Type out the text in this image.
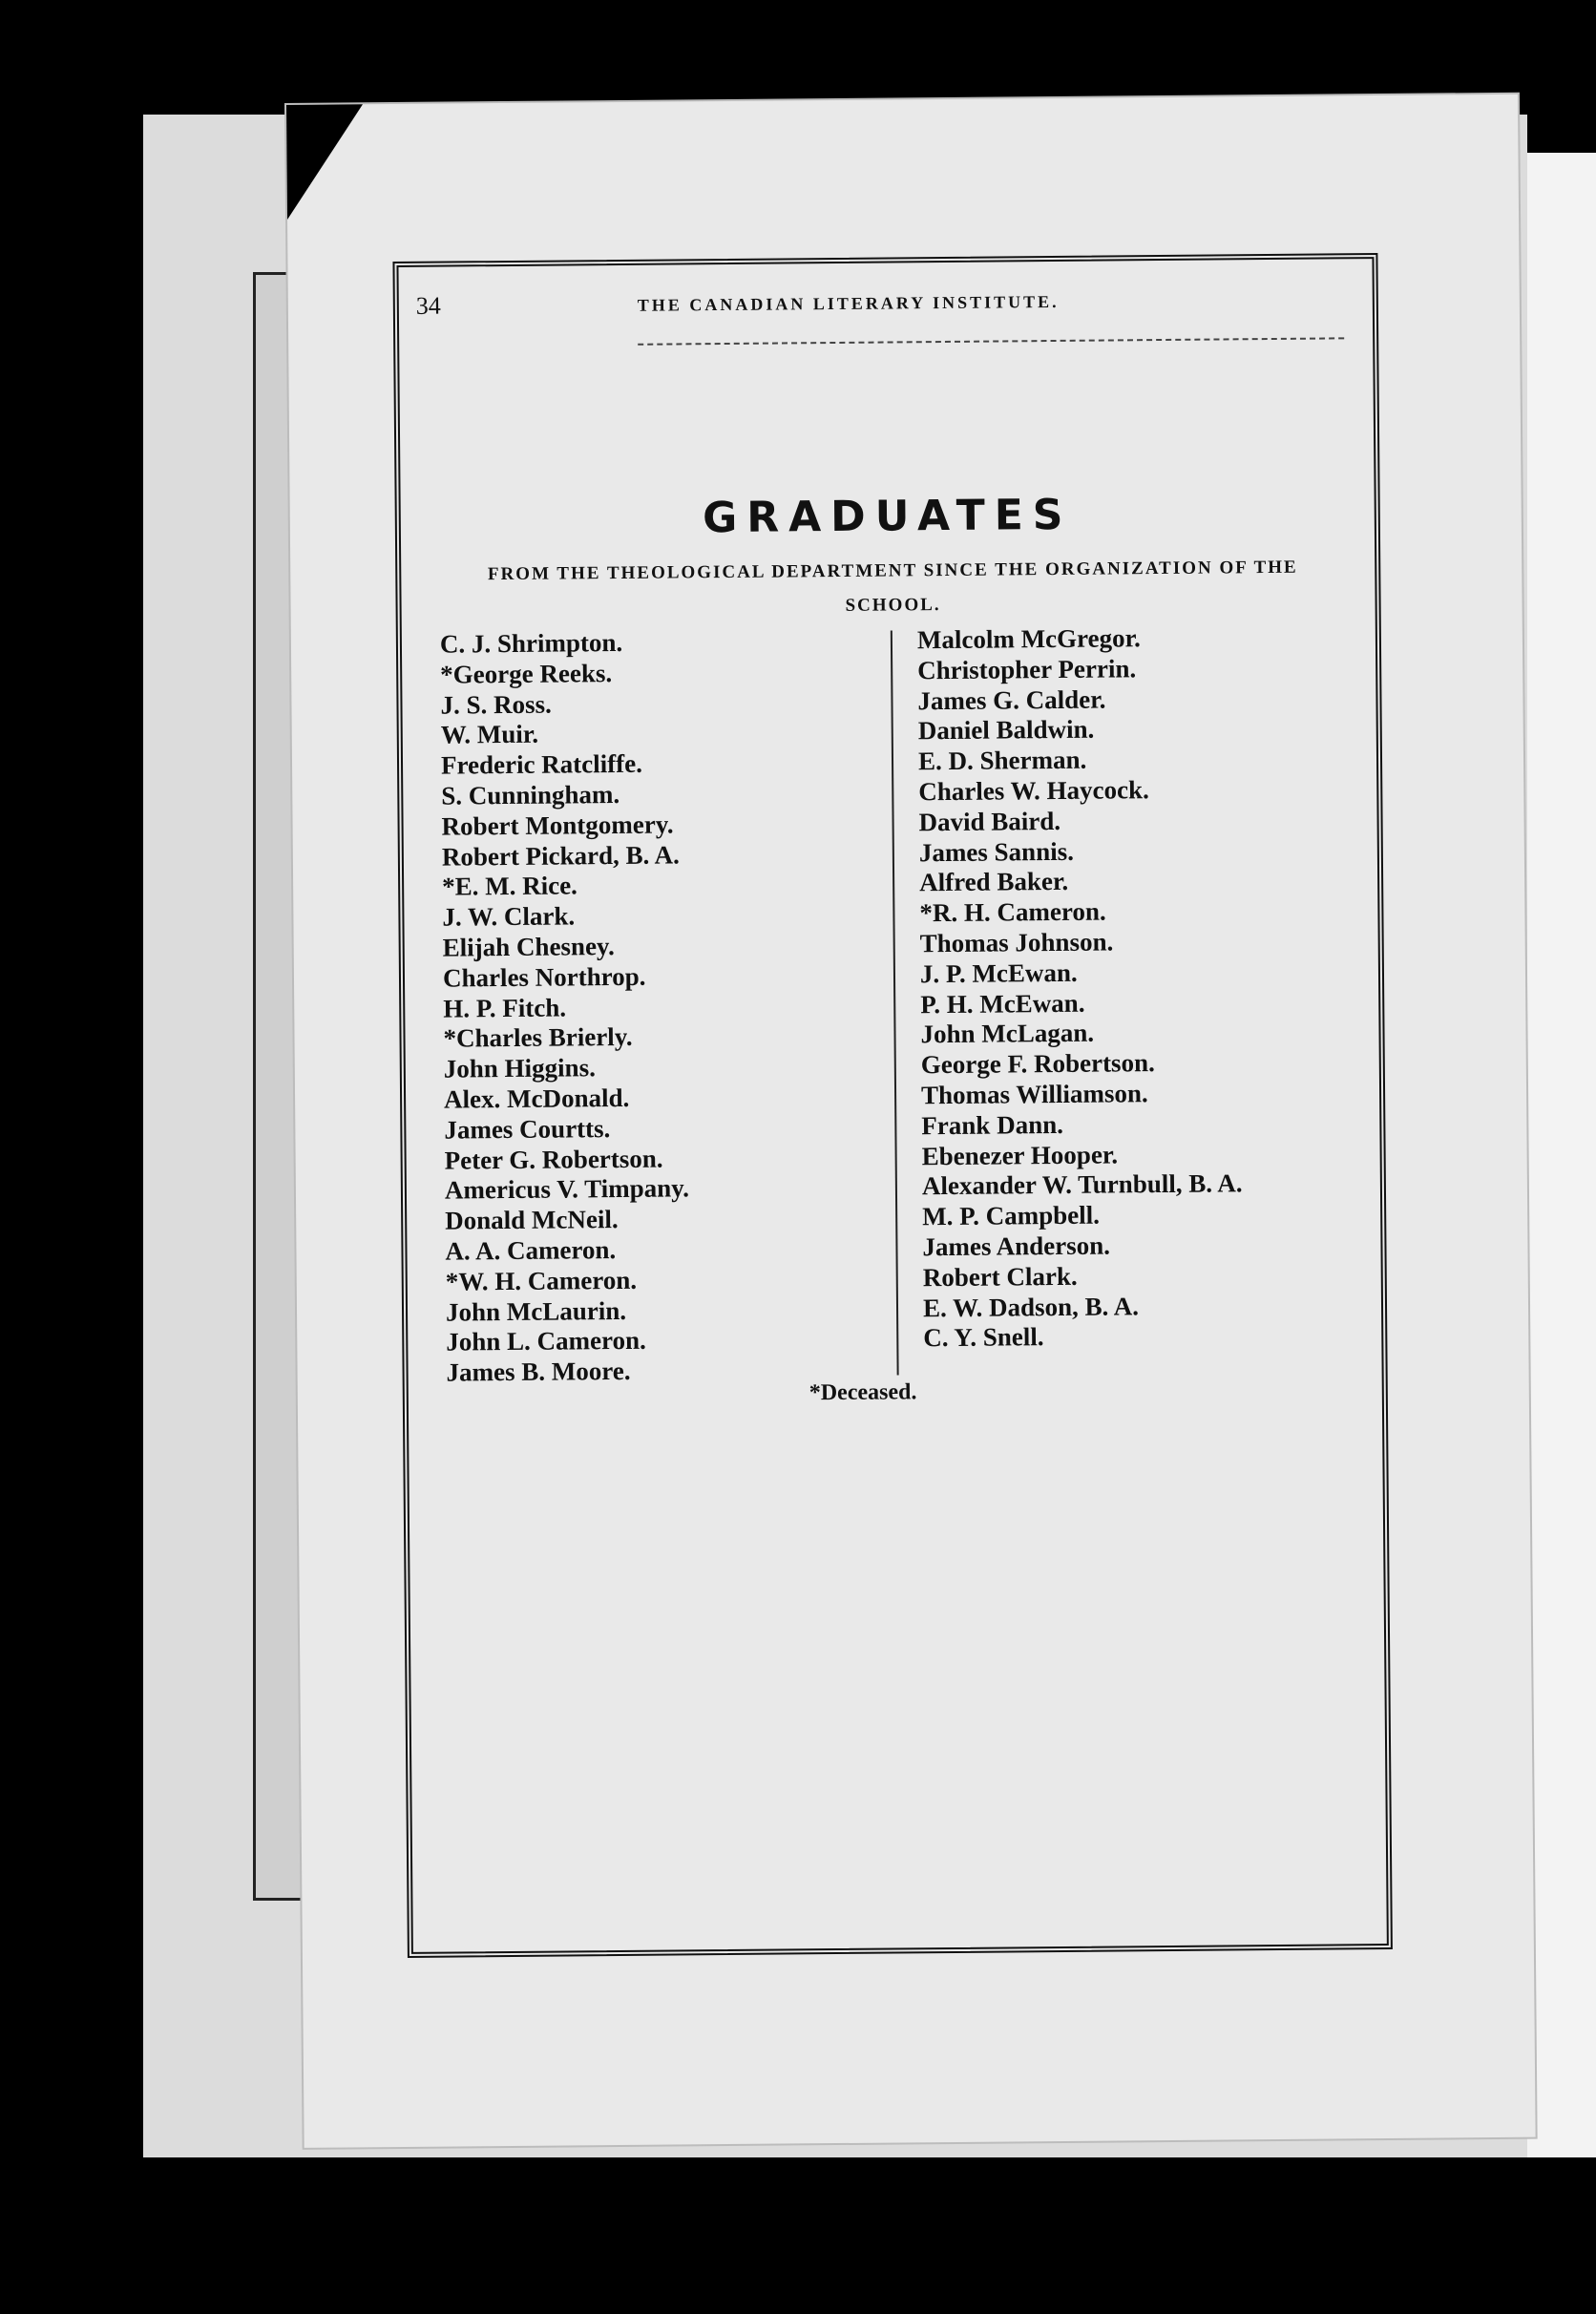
34	THE CANADIAN LITERARY INSTITUTE.
GRADUATES
FROM THE THEOLOGICAL DEPARTMENT SINCE THE ORGANIZATION OF THE SCHOOL.
C. J. Shrimpton.
*George Reeks.
J. S. Ross.
W. Muir.
Frederic Ratcliffe.
S. Cunningham.
Robert Montgomery.
Robert Pickard, B. A.
*E. M. Rice.
J. W. Clark.
Elijah Chesney.
Charles Northrop.
H. P. Fitch.
*Charles Brierly.
John Higgins.
Alex. McDonald.
James Courtts.
Peter G. Robertson.
Americus V. Timpany.
Donald McNeil.
A. A. Cameron.
*W. H. Cameron.
John McLaurin.
John L. Cameron.
James B. Moore.
Malcolm McGregor.
Christopher Perrin.
James G. Calder.
Daniel Baldwin.
E. D. Sherman.
Charles W. Haycock.
David Baird.
James Sannis.
Alfred Baker.
*R. H. Cameron.
Thomas Johnson.
J. P. McEwan.
P. H. McEwan.
John McLagan.
George F. Robertson.
Thomas Williamson.
Frank Dann.
Ebenezer Hooper.
Alexander W. Turnbull, B. A.
M. P. Campbell.
James Anderson.
Robert Clark.
E. W. Dadson, B. A.
C. Y. Snell.
*Deceased.
